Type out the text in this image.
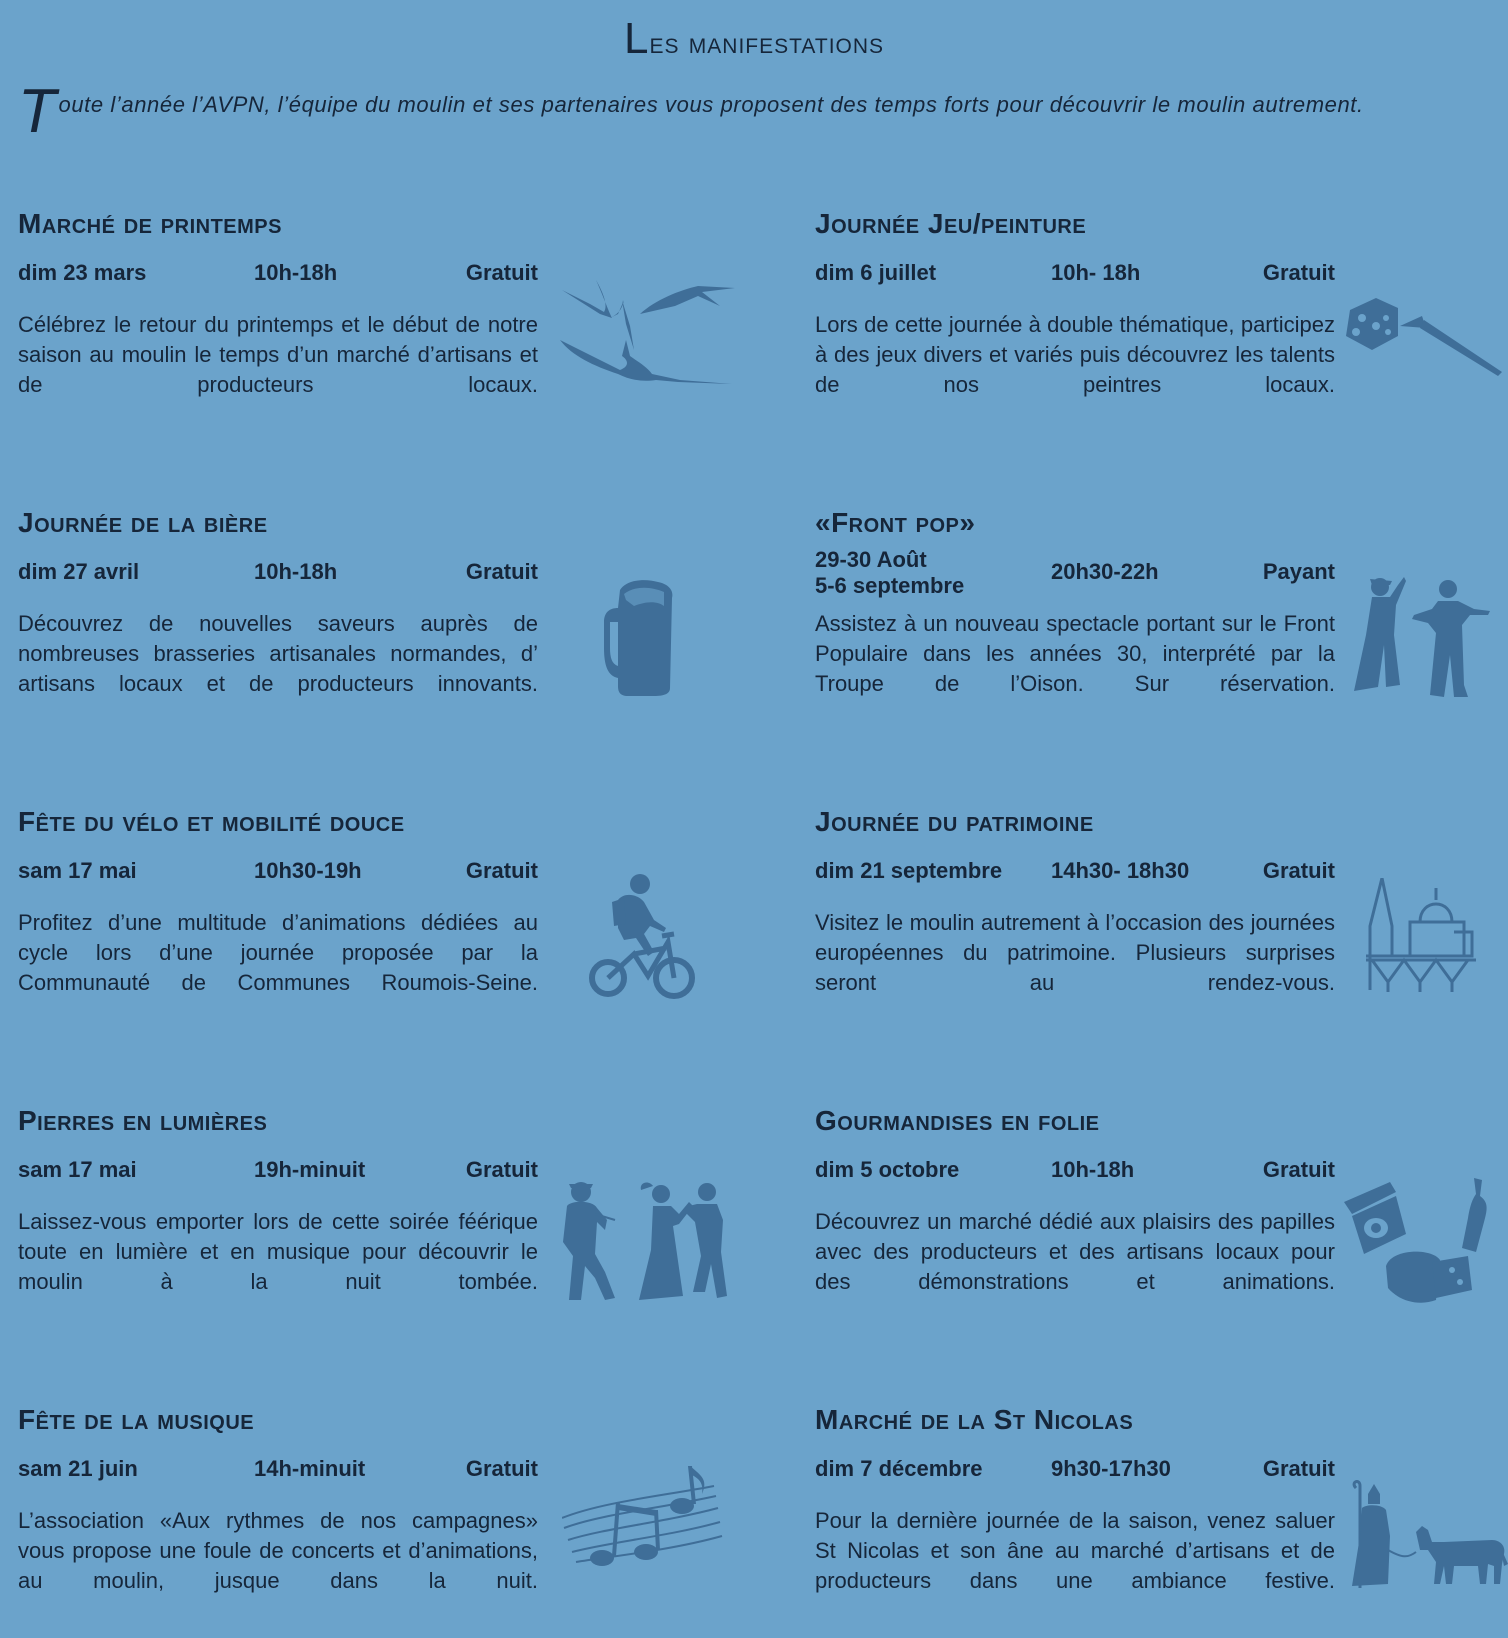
Les manifestations
T oute l’année l’AVPN, l’équipe du moulin et ses partenaires vous proposent des temps forts pour découvrir le moulin autrement.
Marché de printemps
dim 23 mars	10h-18h	Gratuit
Célébrez le retour du printemps et le début de notre saison au moulin le temps d’un marché d’artisans et de producteurs locaux.
Journée Jeu/peinture
dim 6 juillet	10h- 18h	Gratuit
Lors de cette journée à double thématique, participez à des jeux divers et variés puis découvrez les talents de nos peintres locaux.
Journée de la bière
dim 27 avril	10h-18h	Gratuit
Découvrez de nouvelles saveurs auprès de nombreuses brasseries artisanales normandes, d’ artisans locaux et de producteurs innovants.
«Front pop»
29-30 Août
5-6 septembre
20h30-22h	Payant
Assistez à un nouveau spectacle portant sur le Front Populaire dans les années 30, interprété par la Troupe de l’Oison. Sur réservation.
Fête du vélo et mobilité douce
sam 17 mai	10h30-19h	Gratuit
Profitez d’une multitude d’animations dédiées au cycle lors d’une journée proposée par la Communauté de Communes Roumois-Seine.
Journée du patrimoine
dim 21 septembre	14h30- 18h30	Gratuit
Visitez le moulin autrement à l’occasion des journées européennes du patrimoine. Plusieurs surprises seront au rendez-vous.
Pierres en lumières
sam 17 mai	19h-minuit	Gratuit
Laissez-vous emporter lors de cette soirée féérique toute en lumière et en musique pour découvrir le moulin à la nuit tombée.
Gourmandises en folie
dim 5 octobre	10h-18h	Gratuit
Découvrez un marché dédié aux plaisirs des papilles avec des producteurs et des artisans locaux pour des démonstrations et animations.
Fête de la musique
sam 21 juin	14h-minuit	Gratuit
L’association «Aux rythmes de nos campagnes» vous propose une foule de concerts et d’animations, au moulin, jusque dans la nuit.
Marché de la St Nicolas
dim 7 décembre	9h30-17h30	Gratuit
Pour la dernière journée de la saison, venez saluer St Nicolas et son âne au marché d’artisans et de producteurs dans une ambiance festive.
